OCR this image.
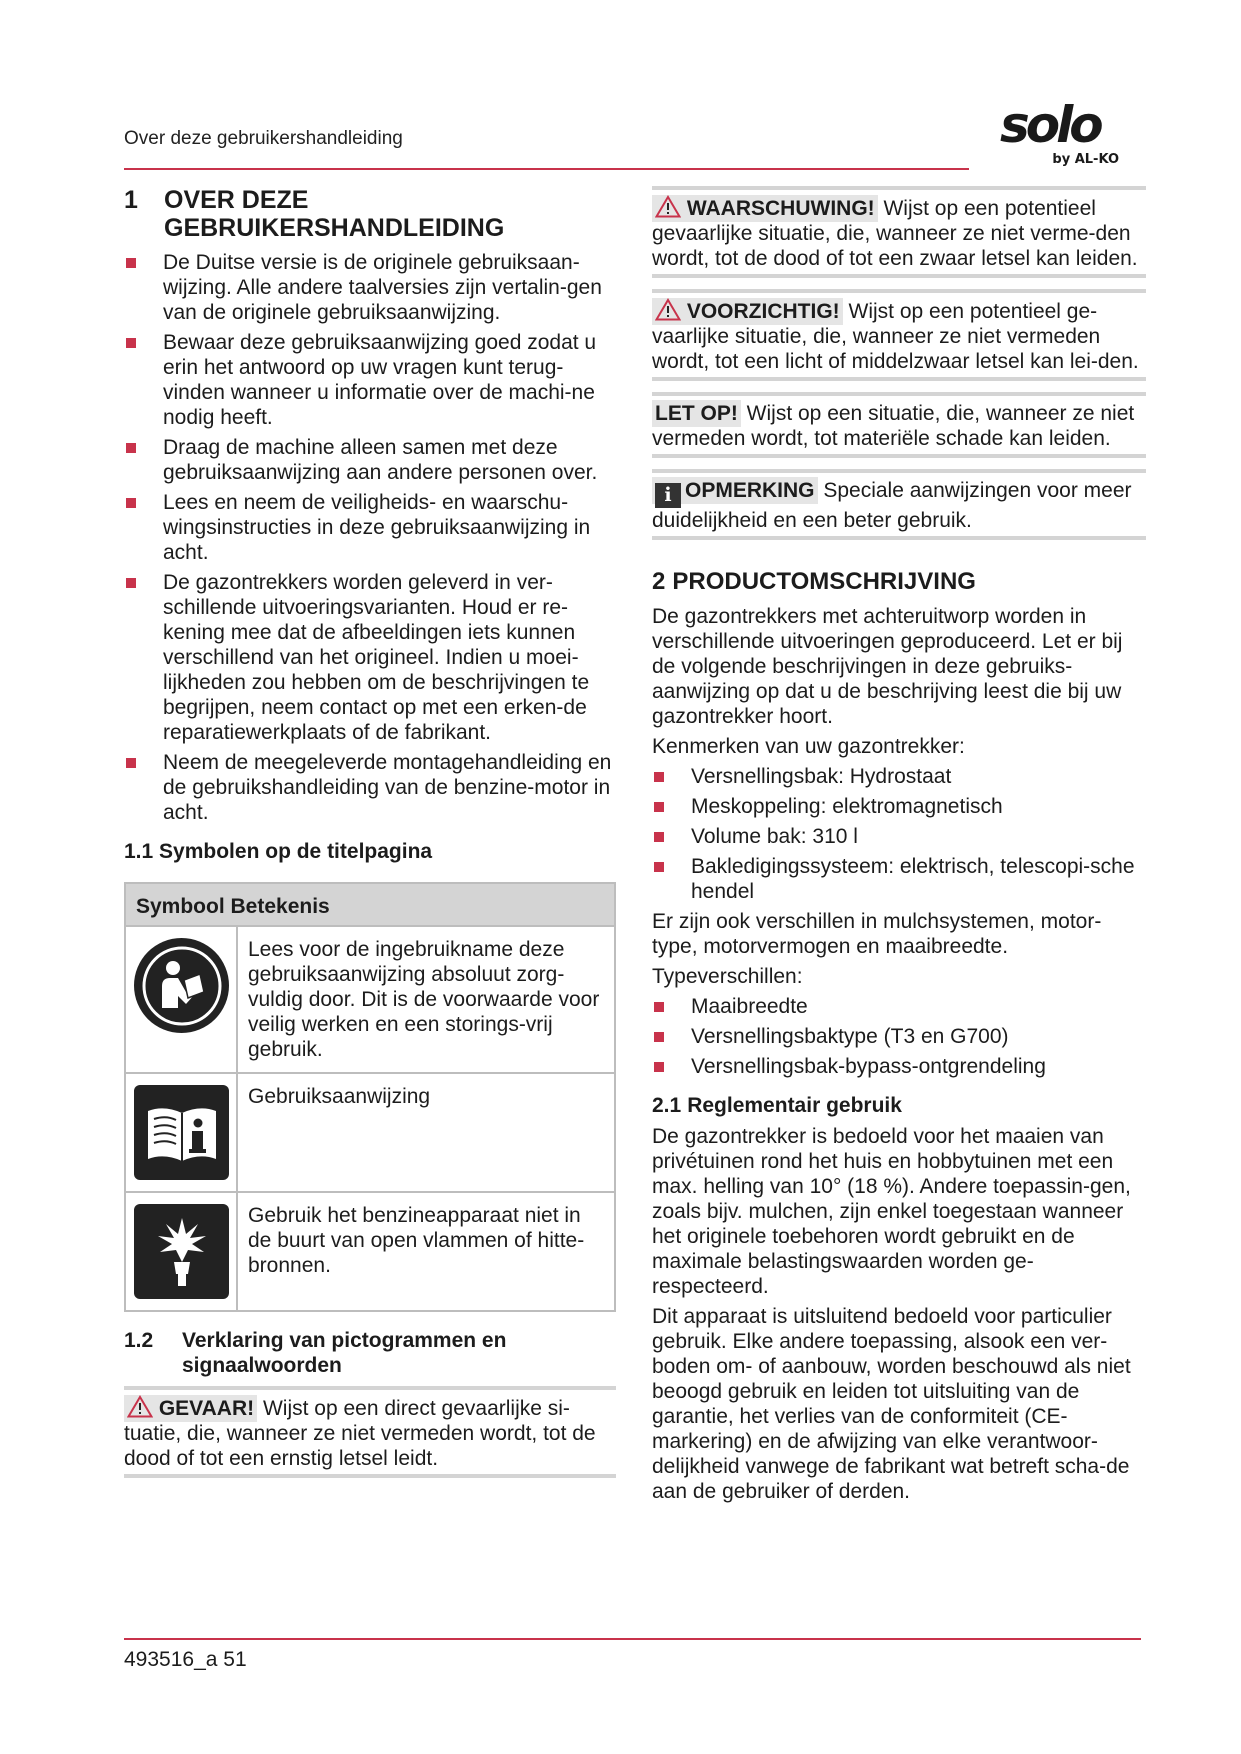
Over deze gebruikershandleiding	solo
by AL-KO
1 OVER DEZE
GEBRUIKERSHANDLEIDING
De Duitse versie is de originele gebruiksaan-wijzing. Alle andere taalversies zijn vertalin-gen van de originele gebruiksaanwijzing.
Bewaar deze gebruiksaanwijzing goed zodat u erin het antwoord op uw vragen kunt terug-vinden wanneer u informatie over de machi-ne nodig heeft.
Draag de machine alleen samen met deze gebruiksaanwijzing aan andere personen over.
Lees en neem de veiligheids- en waarschu-wingsinstructies in deze gebruiksaanwijzing in acht.
De gazontrekkers worden geleverd in ver-schillende uitvoeringsvarianten. Houd er re-kening mee dat de afbeeldingen iets kunnen verschillend van het origineel. Indien u moei-lijkheden zou hebben om de beschrijvingen te begrijpen, neem contact op met een erken-de reparatiewerkplaats of de fabrikant.
Neem de meegeleverde montagehandleiding en de gebruikshandleiding van de benzine-motor in acht.
1.1 Symbolen op de titelpagina
Symbool Betekenis
Lees voor de ingebruikname deze gebruiksaanwijzing absoluut zorg-vuldig door. Dit is de voorwaarde voor veilig werken en een storings-vrij gebruik.
Gebruiksaanwijzing
Gebruik het benzineapparaat niet in de buurt van open vlammen of hitte-bronnen.
1.2 Verklaring van pictogrammen en
signaalwoorden
GEVAAR! Wijst op een direct gevaarlijke si-tuatie, die, wanneer ze niet vermeden wordt, tot de dood of tot een ernstig letsel leidt.
WAARSCHUWING! Wijst op een potentieel gevaarlijke situatie, die, wanneer ze niet verme-den wordt, tot de dood of tot een zwaar letsel kan leiden.
VOORZICHTIG! Wijst op een potentieel ge-vaarlijke situatie, die, wanneer ze niet vermeden wordt, tot een licht of middelzwaar letsel kan lei-den.
LET OP! Wijst op een situatie, die, wanneer ze niet vermeden wordt, tot materiële schade kan leiden.
i OPMERKING Speciale aanwijzingen voor meer duidelijkheid en een beter gebruik.
2 PRODUCTOMSCHRIJVING

De gazontrekkers met achteruitworp worden in verschillende uitvoeringen geproduceerd. Let er bij de volgende beschrijvingen in deze gebruiks-aanwijzing op dat u de beschrijving leest die bij uw gazontrekker hoort.

Kenmerken van uw gazontrekker:

Versnellingsbak: Hydrostaat
Meskoppeling: elektromagnetisch
Volume bak: 310 l
Bakledigingssysteem: elektrisch, telescopi-sche hendel

Er zijn ook verschillen in mulchsystemen, motor-type, motorvermogen en maaibreedte.

Typeverschillen:

Maaibreedte
Versnellingsbaktype (T3 en G700)
Versnellingsbak-bypass-ontgrendeling
2.1 Reglementair gebruik

De gazontrekker is bedoeld voor het maaien van privétuinen rond het huis en hobbytuinen met een max. helling van 10° (18 %). Andere toepassin-gen, zoals bijv. mulchen, zijn enkel toegestaan wanneer het originele toebehoren wordt gebruikt en de maximale belastingswaarden worden ge-respecteerd.

Dit apparaat is uitsluitend bedoeld voor particulier gebruik. Elke andere toepassing, alsook een ver-boden om- of aanbouw, worden beschouwd als niet beoogd gebruik en leiden tot uitsluiting van de garantie, het verlies van de conformiteit (CE-markering) en de afwijzing van elke verantwoor-delijkheid vanwege de fabrikant wat betreft scha-de aan de gebruiker of derden.

493516_a 51
